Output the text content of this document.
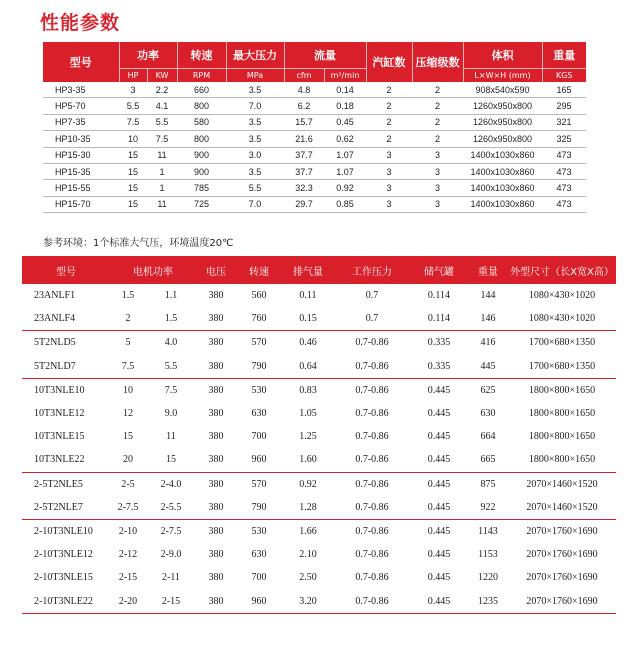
性能参数
型号	功率		转速	最大压力	流量		汽缸数	压缩级数	体积	重量
	HP	KW	RPM	MPa	cfm	m³/min			L×W×H (mm)	KGS
HP3-35	3	2.2	660	3.5	4.8	0.14	2	2	908x540x590	165
HP5-70	5.5	4.1	800	7.0	6.2	0.18	2	2	1260x950x800	295
HP7-35	7.5	5.5	580	3.5	15.7	0.45	2	2	1260x950x800	321
HP10-35	10	7.5	800	3.5	21.6	0.62	2	2	1260x950x800	325
HP15-30	15	11	900	3.0	37.7	1.07	3	3	1400x1030x860	473
HP15-35	15	1	900	3.5	37.7	1.07	3	3	1400x1030x860	473
HP15-55	15	1	785	5.5	32.3	0.92	3	3	1400x1030x860	473
HP15-70	15	11	725	7.0	29.7	0.85	3	3	1400x1030x860	473
参考环境：1个标准大气压，环境温度20℃
型号	电机功率		电压	转速	排气量	工作压力	储气罐	重量	外型尺寸（长X宽X高）
23ANLF1	1.5	1.1	380	560	0.11	0.7	0.114	144	1080×430×1020
23ANLF4	2	1.5	380	760	0.15	0.7	0.114	146	1080×430×1020
5T2NLD5	5	4.0	380	570	0.46	0.7-0.86	0.335	416	1700×680×1350
5T2NLD7	7.5	5.5	380	790	0.64	0.7-0.86	0.335	445	1700×680×1350
10T3NLE10	10	7.5	380	530	0.83	0.7-0.86	0.445	625	1800×800×1650
10T3NLE12	12	9.0	380	630	1.05	0.7-0.86	0.445	630	1800×800×1650
10T3NLE15	15	11	380	700	1.25	0.7-0.86	0.445	664	1800×800×1650
10T3NLE22	20	15	380	960	1.60	0.7-0.86	0.445	665	1800×800×1650
2-5T2NLE5	2-5	2-4.0	380	570	0.92	0.7-0.86	0.445	875	2070×1460×1520
2-5T2NLE7	2-7.5	2-5.5	380	790	1.28	0.7-0.86	0.445	922	2070×1460×1520
2-10T3NLE10	2-10	2-7.5	380	530	1.66	0.7-0.86	0.445	1143	2070×1760×1690
2-10T3NLE12	2-12	2-9.0	380	630	2.10	0.7-0.86	0.445	1153	2070×1760×1690
2-10T3NLE15	2-15	2-11	380	700	2.50	0.7-0.86	0.445	1220	2070×1760×1690
2-10T3NLE22	2-20	2-15	380	960	3.20	0.7-0.86	0.445	1235	2070×1760×1690
